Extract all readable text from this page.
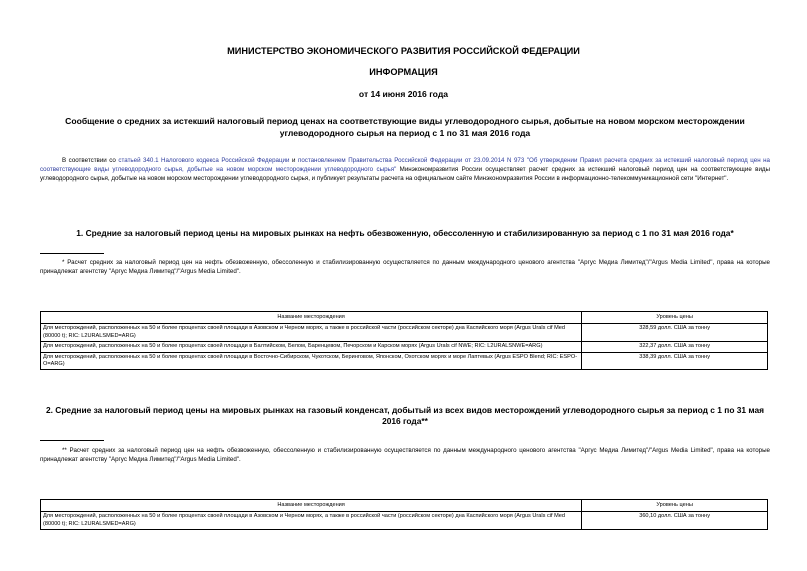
МИНИСТЕРСТВО ЭКОНОМИЧЕСКОГО РАЗВИТИЯ РОССИЙСКОЙ ФЕДЕРАЦИИ
ИНФОРМАЦИЯ
от 14 июня 2016 года
Сообщение о средних за истекший налоговый период ценах на соответствующие виды углеводородного сырья, добытые на новом морском месторождении углеводородного сырья на период с 1 по 31 мая 2016 года
В соответствии со статьей 340.1 Налогового кодекса Российской Федерации и постановлением Правительства Российской Федерации от 23.09.2014 N 973 "Об утверждении Правил расчета средних за истекший налоговый период цен на соответствующие виды углеводородного сырья, добытые на новом морском месторождении углеводородного сырья" Минэкономразвития России осуществляет расчет средних за истекший налоговый период цен на соответствующие виды углеводородного сырья, добытые на новом морском месторождении углеводородного сырья, и публикует результаты расчета на официальном сайте Минэкономразвития России в информационно-телекоммуникационной сети "Интернет".
1. Средние за налоговый период цены на мировых рынках на нефть обезвоженную, обессоленную и стабилизированную за период с 1 по 31 мая 2016 года*
* Расчет средних за налоговый период цен на нефть обезвоженную, обессоленную и стабилизированную осуществляется по данным международного ценового агентства "Аргус Медиа Лимитед"/"Argus Media Limited", права на которые принадлежат агентству "Аргус Медиа Лимитед"/"Argus Media Limited".
Название месторождения	Уровень цены
Для месторождений, расположенных на 50 и более процентах своей площади в Азовском и Черном морях, а также в российской части (российском секторе) дна Каспийского моря (Argus Urals cif Med (80000 t); RIC: L2URALSMED=ARG)	328,59 долл. США за тонну
Для месторождений, расположенных на 50 и более процентах своей площади в Балтийском, Белом, Баренцевом, Печорском и Карском морях (Argus Urals cif NWE; RIC: L2URALSNWE=ARG)	322,37 долл. США за тонну
Для месторождений, расположенных на 50 и более процентах своей площади в Восточно-Сибирском, Чукотском, Беринговом, Японском, Охотском морях и море Лаптевых (Argus ESPO Blend; RIC: ESPO-O=ARG)	338,39 долл. США за тонну
2. Средние за налоговый период цены на мировых рынках на газовый конденсат, добытый из всех видов месторождений углеводородного сырья за период с 1 по 31 мая 2016 года**
** Расчет средних за налоговый период цен на нефть обезвоженную, обессоленную и стабилизированную осуществляется по данным международного ценового агентства "Аргус Медиа Лимитед"/"Argus Media Limited", права на которые принадлежат агентству "Аргус Медиа Лимитед"/"Argus Media Limited".
Название месторождения	Уровень цены
Для месторождений, расположенных на 50 и более процентах своей площади в Азовском и Черном морях, а также в российской части (российском секторе) дна Каспийского моря (Argus Urals cif Med (80000 t); RIC: L2URALSMED=ARG)	360,10 долл. США за тонну
